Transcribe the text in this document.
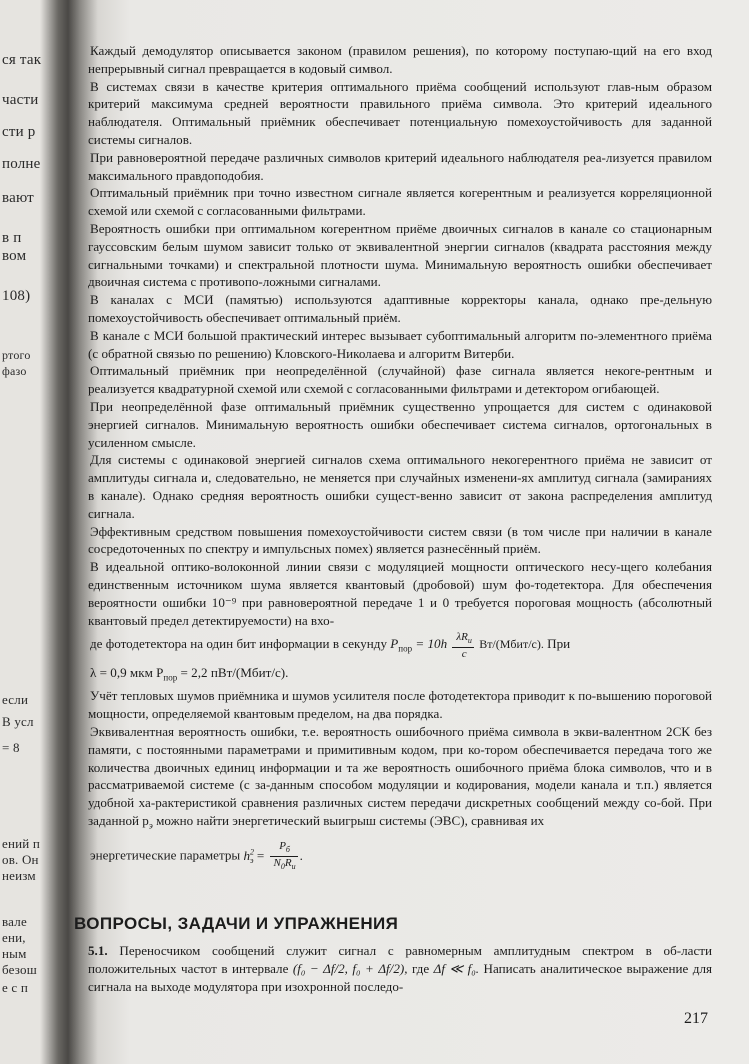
ся так
части
сти р
полне
вают
в п
вом
108)
ртого
фазо
если
В усл
= 8
ений п
ов. Он
неизм
вале
ени,
ным
безош
е с п

Каждый демодулятор описывается законом (правилом решения), по которому поступаю-щий на его вход непрерывный сигнал превращается в кодовый символ.

В системах связи в качестве критерия оптимального приёма сообщений используют глав-ным образом критерий максимума средней вероятности правильного приёма символа. Это критерий идеального наблюдателя. Оптимальный приёмник обеспечивает потенциальную помехоустойчивость для заданной системы сигналов.

При равновероятной передаче различных символов критерий идеального наблюдателя реа-лизуется правилом максимального правдоподобия.

Оптимальный приёмник при точно известном сигнале является когерентным и реализуется корреляционной схемой или схемой с согласованными фильтрами.

Вероятность ошибки при оптимальном когерентном приёме двоичных сигналов в канале со стационарным гауссовским белым шумом зависит только от эквивалентной энергии сигналов (квадрата расстояния между сигнальными точками) и спектральной плотности шума. Минимальную вероятность ошибки обеспечивает двоичная система с противопо-ложными сигналами.

В каналах с МСИ (памятью) используются адаптивные корректоры канала, однако пре-дельную помехоустойчивость обеспечивает оптимальный приём.

В канале с МСИ большой практический интерес вызывает субоптимальный алгоритм по-элементного приёма (с обратной связью по решению) Кловского-Николаева и алгоритм Витерби.

Оптимальный приёмник при неопределённой (случайной) фазе сигнала является некоге-рентным и реализуется квадратурной схемой или схемой с согласованными фильтрами и детектором огибающей.

При неопределённой фазе оптимальный приёмник существенно упрощается для систем с одинаковой энергией сигналов. Минимальную вероятность ошибки обеспечивает система сигналов, ортогональных в усиленном смысле.

Для системы с одинаковой энергией сигналов схема оптимального некогерентного приёма не зависит от амплитуды сигнала и, следовательно, не меняется при случайных изменени-ях амплитуд сигнала (замираниях в канале). Однако средняя вероятность ошибки сущест-венно зависит от закона распределения амплитуд сигнала.

Эффективным средством повышения помехоустойчивости систем связи (в том числе при наличии в канале сосредоточенных по спектру и импульсных помех) является разнесённый приём.

В идеальной оптико-волоконной линии связи с модуляцией мощности оптического несу-щего колебания единственным источником шума является квантовый (дробовой) шум фо-тодетектора. Для обеспечения вероятности ошибки 10⁻⁹ при равновероятной передаче 1 и 0 требуется пороговая мощность (абсолютный квантовый предел детектируемости) на вхо-

де фотодетектора на один бит информации в секунду $P_{пор} = 10h \frac{\lambda R_и}{c}$ Вт/(Мбит/с). При

λ = 0,9 мкм $P_{пор} = 2,2$ пВт/(Мбит/с).

Учёт тепловых шумов приёмника и шумов усилителя после фотодетектора приводит к по-вышению пороговой мощности, определяемой квантовым пределом, на два порядка.

Эквивалентная вероятность ошибки, т.е. вероятность ошибочного приёма символа в экви-валентном 2СК без памяти, с постоянными параметрами и примитивным кодом, при ко-тором обеспечивается передача того же количества двоичных единиц информации и та же вероятность ошибочного приёма блока символов, что и в рассматриваемой системе (с за-данным способом модуляции и кодирования, модели канала и т.п.) является удобной ха-рактеристикой сравнения различных систем передачи дискретных сообщений между со-бой. При заданной $p_э$ можно найти энергетический выигрыш системы (ЭВС), сравнивая их

энергетические параметры $h^2_э = \frac{P_б}{N_0R_и}$ .

ВОПРОСЫ, ЗАДАЧИ И УПРАЖНЕНИЯ
5.1. Переносчиком сообщений служит сигнал с равномерным амплитудным спектром в об-ласти положительных частот в интервале (f₀ − Δf/2, f₀ + Δf/2), где Δf ≪ f₀. Написать аналитическое выражение для сигнала на выходе модулятора при изохронной последо-
217
